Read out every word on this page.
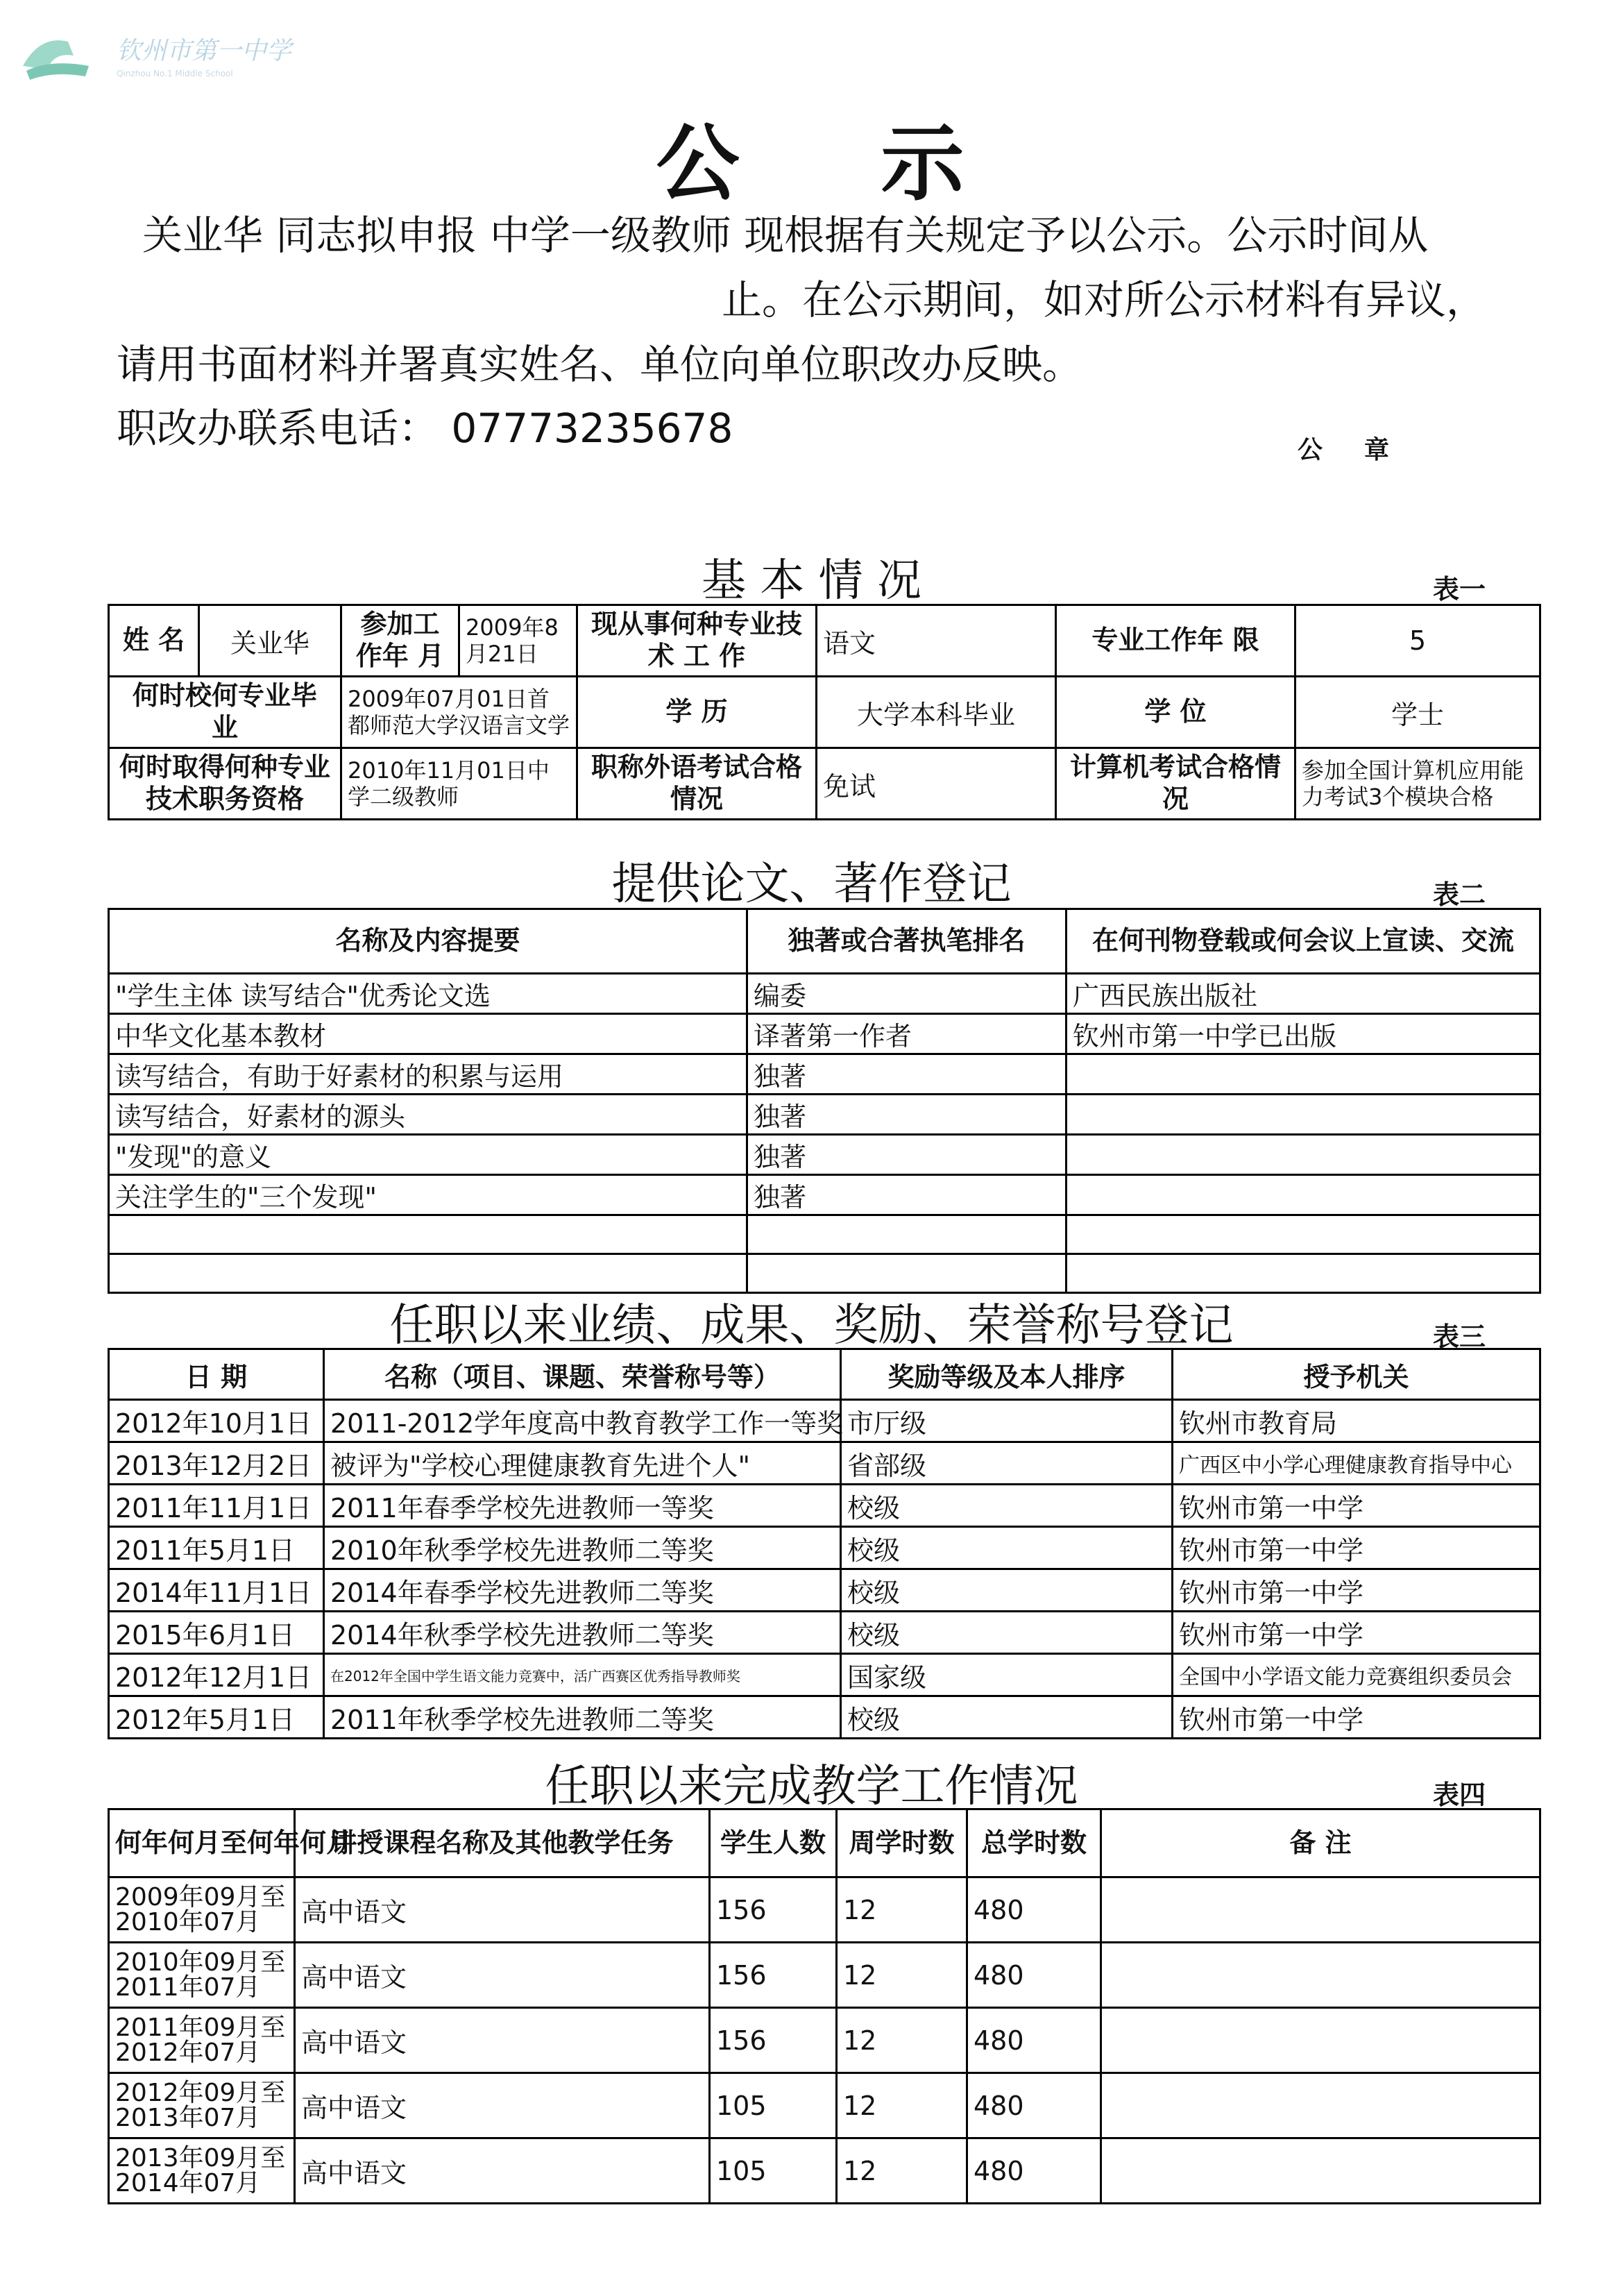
钦州市第一中学
Qinzhou No.1 Middle School
公 示
关业华 同志拟申报 中学一级教师 现根据有关规定予以公示。公示时间从
止。在公示期间，如对所公示材料有异议，
请用书面材料并署真实姓名、单位向单位职改办反映。
职改办联系电话： 07773235678	公章
基 本 情 况	表一
姓 名	关业华	参加工作年 月	2009年8月21日	现从事何种专业技 术 工 作	语文	专业工作年 限	5
何时校何专业毕 业		2009年07月01日首都师范大学汉语言文学		学 历	大学本科毕业	学 位	学士
何时取得何种专业技术职务资格		2010年11月01日中学二级教师		职称外语考试合格情况	免试	计算机考试合格情况	参加全国计算机应用能力考试3个模块合格
提供论文、著作登记	表二
名称及内容提要	独著或合著执笔排名	在何刊物登载或何会议上宣读、交流
"学生主体 读写结合"优秀论文选	编委	广西民族出版社
中华文化基本教材	译著第一作者	钦州市第一中学已出版
读写结合，有助于好素材的积累与运用	独著	
读写结合，好素材的源头	独著	
"发现"的意义	独著	
关注学生的"三个发现"	独著	

任职以来业绩、成果、奖励、荣誉称号登记	表三
日 期	名称（项目、课题、荣誉称号等）	奖励等级及本人排序	授予机关
2012年10月1日	2011-2012学年度高中教育教学工作一等奖	市厅级	钦州市教育局
2013年12月2日	被评为"学校心理健康教育先进个人"	省部级	广西区中小学心理健康教育指导中心
2011年11月1日	2011年春季学校先进教师一等奖	校级	钦州市第一中学
2011年5月1日	2010年秋季学校先进教师二等奖	校级	钦州市第一中学
2014年11月1日	2014年春季学校先进教师二等奖	校级	钦州市第一中学
2015年6月1日	2014年秋季学校先进教师二等奖	校级	钦州市第一中学
2012年12月1日	在2012年全国中学生语文能力竞赛中，活广西赛区优秀指导教师奖	国家级	全国中小学语文能力竞赛组织委员会
2012年5月1日	2011年秋季学校先进教师二等奖	校级	钦州市第一中学
任职以来完成教学工作情况	表四
何年何月至何年何月	讲授课程名称及其他教学任务	学生人数	周学时数	总学时数	备 注

2009年09月至
2010年07月	高中语文	156	12	480	

2010年09月至
2011年07月	高中语文	156	12	480	

2011年09月至
2012年07月	高中语文	156	12	480	

2012年09月至
2013年07月	高中语文	105	12	480	

2013年09月至
2014年07月	高中语文	105	12	480	
